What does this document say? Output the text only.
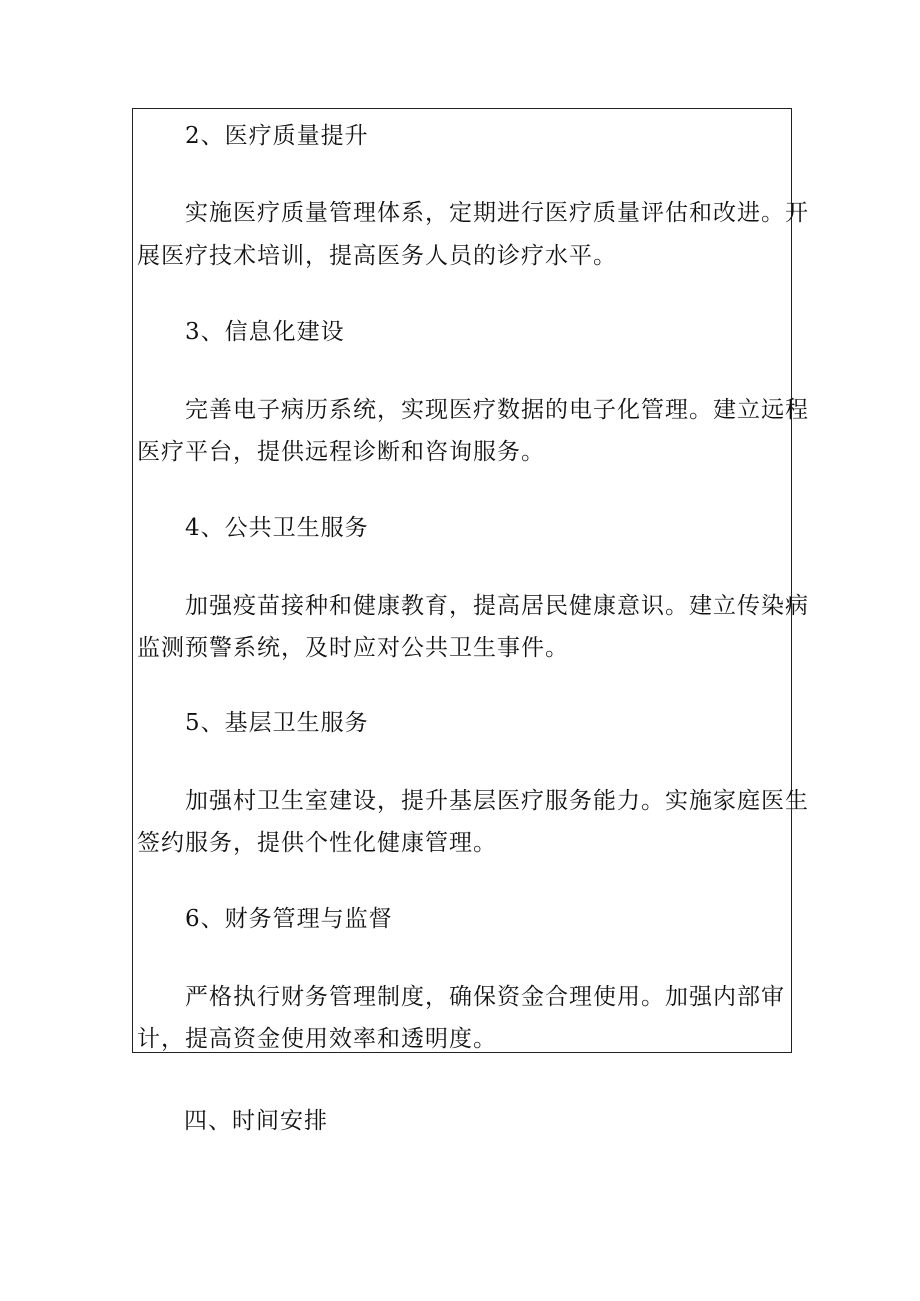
2、医疗质量提升

实施医疗质量管理体系，定期进行医疗质量评估和改进。开

展医疗技术培训，提高医务人员的诊疗水平。

3、信息化建设

完善电子病历系统，实现医疗数据的电子化管理。建立远程

医疗平台，提供远程诊断和咨询服务。

4、公共卫生服务

加强疫苗接种和健康教育，提高居民健康意识。建立传染病

监测预警系统，及时应对公共卫生事件。

5、基层卫生服务

加强村卫生室建设，提升基层医疗服务能力。实施家庭医生

签约服务，提供个性化健康管理。

6、财务管理与监督

严格执行财务管理制度，确保资金合理使用。加强内部审

计，提高资金使用效率和透明度。

四、时间安排
